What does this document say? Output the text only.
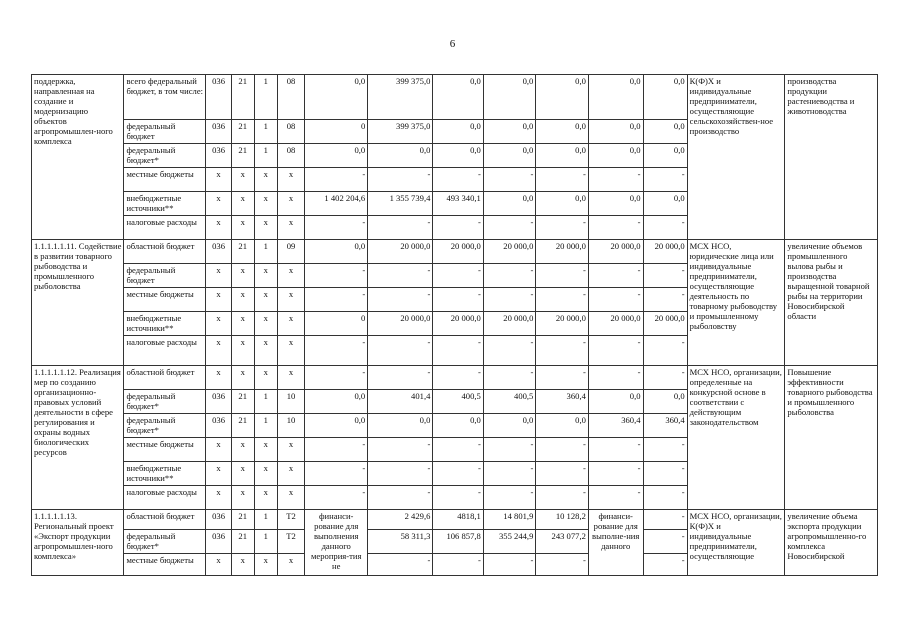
6
поддержка, направленная на создание и модернизацию объектов агропромышлен-ного комплекса	всего федеральный бюджет, в том числе:	036	21	1	08	0,0	399 375,0	0,0	0,0	0,0	0,0	0,0	К(Ф)Х и индивидуальные предприниматели, осуществляющие сельскохозяйствен-ное производство	производства продукции растениеводства и животноводства
	федеральный бюджет	036	21	1	08	0	399 375,0	0,0	0,0	0,0	0,0	0,0		
	федеральный бюджет*	036	21	1	08	0,0	0,0	0,0	0,0	0,0	0,0	0,0		
	местные бюджеты	х	х	х	х	-	-	-	-	-	-	-		
	внебюджетные источники**	х	х	х	х	1 402 204,6	1 355 739,4	493 340,1	0,0	0,0	0,0	0,0		
	налоговые расходы	х	х	х	х	-	-	-	-	-	-	-		
1.1.1.1.1.11. Содействие в развитии товарного рыбоводства и промышленного рыболовства	областной бюджет	036	21	1	09	0,0	20 000,0	20 000,0	20 000,0	20 000,0	20 000,0	20 000,0	МСХ НСО, юридические лица или индивидуальные предприниматели, осуществляющие деятельность по товарному рыбоводству и промышленному рыболовству	увеличение объемов промышленного вылова рыбы и производства выращенной товарной рыбы на территории Новосибирской области
	федеральный бюджет	х	х	х	х	-	-	-	-	-	-	-		
	местные бюджеты	х	х	х	х	-	-	-	-	-	-	-		
	внебюджетные источники**	х	х	х	х	0	20 000,0	20 000,0	20 000,0	20 000,0	20 000,0	20 000,0		
	налоговые расходы	х	х	х	х	-	-	-	-	-	-	-		
1.1.1.1.1.12. Реализация мер по созданию организационно-правовых условий деятельности в сфере регулирования и охраны водных биологических ресурсов	областной бюджет	х	х	х	х	-	-	-	-	-	-	-	МСХ НСО, организации, определенные на конкурсной основе в соответствии с действующим законодательством	Повышение эффективности товарного рыбоводства и промышленного рыболовства
	федеральный бюджет*	036	21	1	10	0,0	401,4	400,5	400,5	360,4	0,0	0,0		
	федеральный бюджет*	036	21	1	10	0,0	0,0	0,0	0,0	0,0	360,4	360,4		
	местные бюджеты	х	х	х	х	-	-	-	-	-	-	-		
	внебюджетные источники**	х	х	х	х	-	-	-	-	-	-	-		
	налоговые расходы	х	х	х	х	-	-	-	-	-	-	-		
1.1.1.1.1.13. Региональный проект «Экспорт продукции агропромышлен-ного комплекса»	областной бюджет	036	21	1	Т2	финанси-рование для выполнения данного мероприя-тия не	2 429,6	4818,1	14 801,9	10 128,2	финанси-рование для выполне-ния данного	-	МСХ НСО, организации, К(Ф)Х и индивидуальные предприниматели, осуществляющие	увеличение объема экспорта продукции агропромышленно-го комплекса Новосибирской
	федеральный бюджет*	036	21	1	Т2		58 311,3	106 857,8	355 244,9	243 077,2		-		
	местные бюджеты	х	х	х	х		-	-	-	-		-		
